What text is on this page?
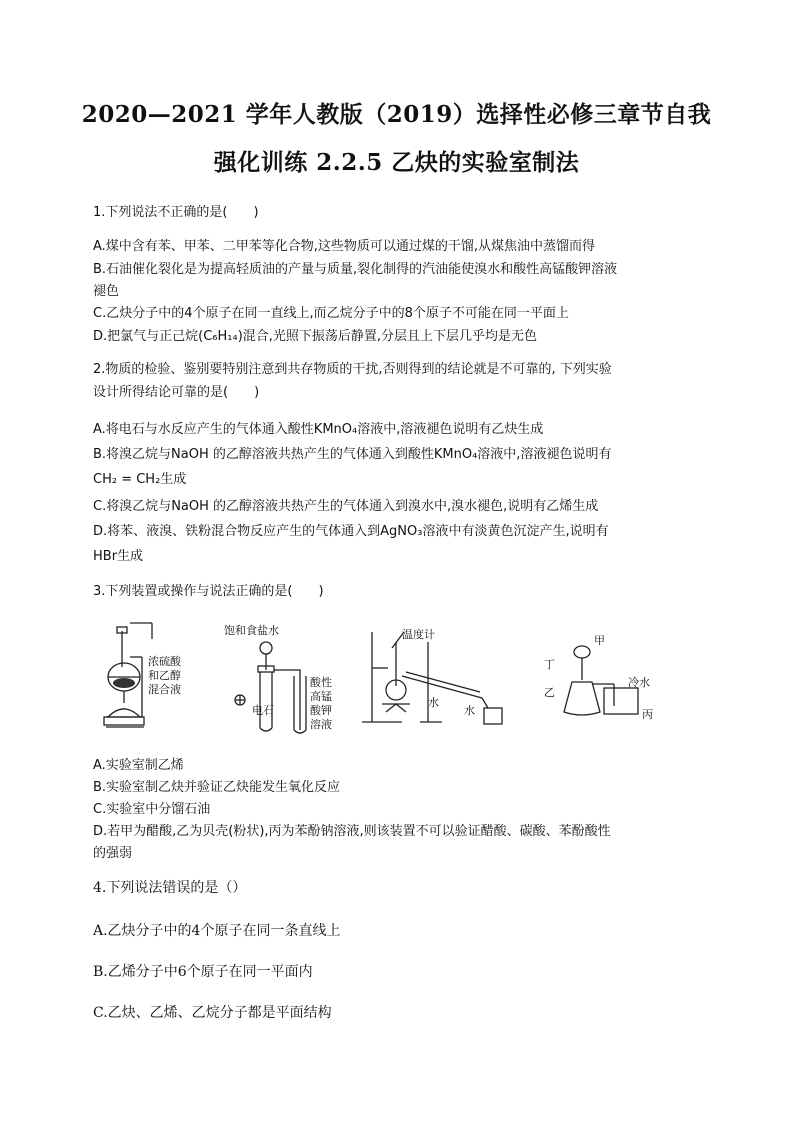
2020—2021 学年人教版（2019）选择性必修三章节自我
强化训练 2.2.5 乙炔的实验室制法
1.下列说法不正确的是(　　)
A.煤中含有苯、甲苯、二甲苯等化合物,这些物质可以通过煤的干馏,从煤焦油中蒸馏而得
B.石油催化裂化是为提高轻质油的产量与质量,裂化制得的汽油能使溴水和酸性高锰酸钾溶液
褪色
C.乙炔分子中的4个原子在同一直线上,而乙烷分子中的8个原子不可能在同一平面上
D.把氯气与正己烷(C₆H₁₄)混合,光照下振荡后静置,分层且上下层几乎均是无色
2.物质的检验、鉴别要特别注意到共存物质的干扰,否则得到的结论就是不可靠的, 下列实验
设计所得结论可靠的是(　　)
A.将电石与水反应产生的气体通入酸性KMnO₄溶液中,溶液褪色说明有乙炔生成
B.将溴乙烷与NaOH 的乙醇溶液共热产生的气体通入到酸性KMnO₄溶液中,溶液褪色说明有
CH₂ = CH₂生成
C.将溴乙烷与NaOH 的乙醇溶液共热产生的气体通入到溴水中,溴水褪色,说明有乙烯生成
D.将苯、液溴、铁粉混合物反应产生的气体通入到AgNO₃溶液中有淡黄色沉淀产生,说明有
HBr生成
3.下列装置或操作与说法正确的是(　　)
浓硫酸
和乙醇
混合液
饱和食盐水
电石
酸性
高锰
酸钾
溶液
温度计
水
水
甲
丁
乙
冷水
丙
A.实验室制乙烯
B.实验室制乙炔并验证乙炔能发生氧化反应
C.实验室中分馏石油
D.若甲为醋酸,乙为贝壳(粉状),丙为苯酚钠溶液,则该装置不可以验证醋酸、碳酸、苯酚酸性
的强弱
4.下列说法错误的是（）
A.乙炔分子中的4个原子在同一条直线上
B.乙烯分子中6个原子在同一平面内
C.乙炔、乙烯、乙烷分子都是平面结构
